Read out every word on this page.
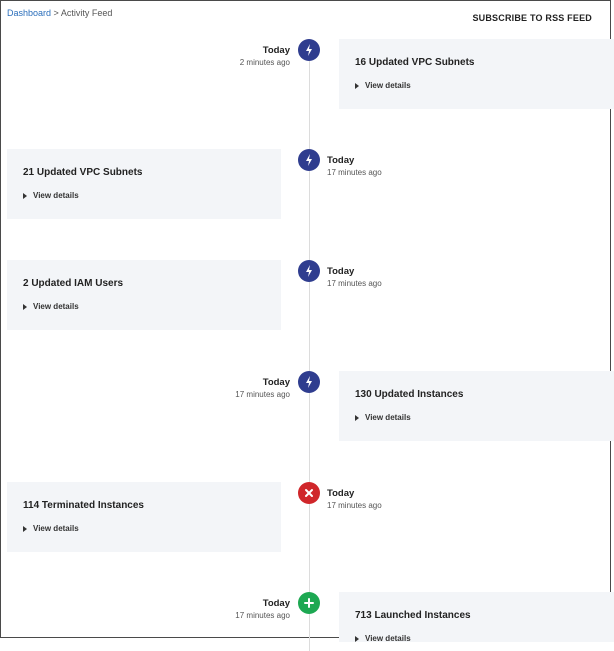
Dashboard > Activity Feed	SUBSCRIBE TO RSS FEED
Today
2 minutes ago	16 Updated VPC Subnets
View details
Today
17 minutes ago
21 Updated VPC Subnets
View details
Today
17 minutes ago
2 Updated IAM Users
View details
Today
17 minutes ago	130 Updated Instances
View details
Today
17 minutes ago
114 Terminated Instances
View details
Today
17 minutes ago	713 Launched Instances
View details
